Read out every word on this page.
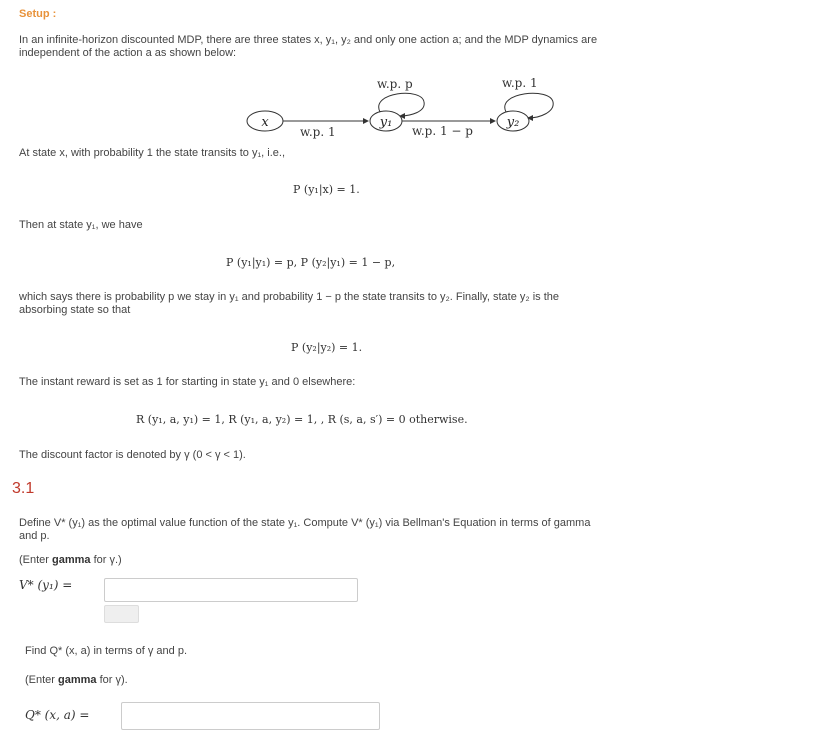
Setup :
In an infinite-horizon discounted MDP, there are three states x, y₁, y₂ and only one action a; and the MDP dynamics are
independent of the action a as shown below:
x	y₁	y₂
w.p. p	w.p. 1
w.p. 1	w.p. 1 − p
At state x, with probability 1 the state transits to y₁, i.e.,
P (y₁|x) = 1.
Then at state y₁, we have
P (y₁|y₁) = p, P (y₂|y₁) = 1 − p,
which says there is probability p we stay in y₁ and probability 1 − p the state transits to y₂. Finally, state y₂ is the
absorbing state so that
P (y₂|y₂) = 1.
The instant reward is set as 1 for starting in state y₁ and 0 elsewhere:
R (y₁, a, y₁) = 1, R (y₁, a, y₂) = 1, , R (s, a, s′) = 0 otherwise.
The discount factor is denoted by γ (0 < γ < 1).
3.1
Define V* (y₁) as the optimal value function of the state y₁. Compute V* (y₁) via Bellman's Equation in terms of gamma
and p.
(Enter gamma for γ.)
V* (y₁) =
Find Q* (x, a) in terms of γ and p.
(Enter gamma for γ).
Q* (x, a) =
